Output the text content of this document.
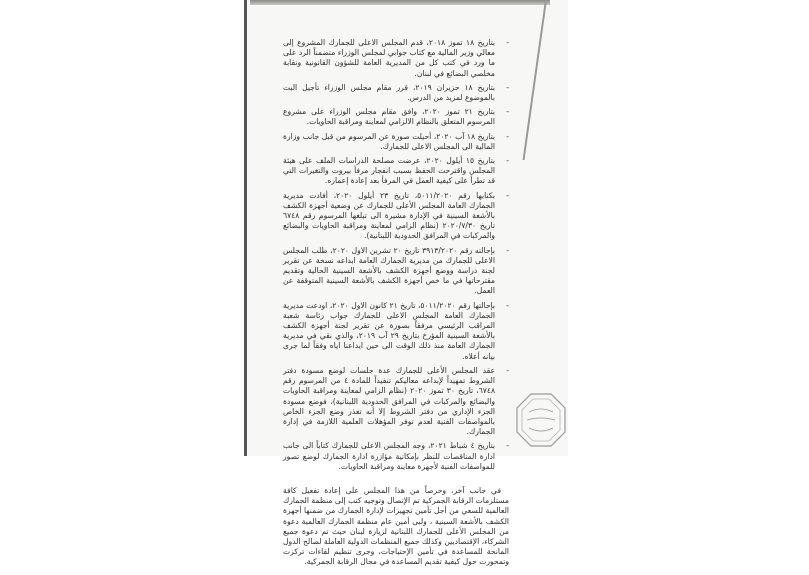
- بتاريخ ١٨ تموز ٢٠١٨، قدم المجلس الاعلى للجمارك المشروع إلى معالي وزير المالية مع كتاب جوابي لمجلس الوزراء متضمناً الرد على ما ورد في كتب كل من المديرية العامة للشؤون القانونية ونقابة مخلصي البضائع في لبنان.
- بتاريخ ١٨ حزيران ٢٠١٩، قرر مقام مجلس الوزراء تأجيل البت بالموضوع لمزيد من الدرس.
- بتاريخ ٢١ تموز ٢٠٢٠، وافق مقام مجلس الوزراء على مشروع المرسوم المتعلق بالنظام الالزامي لمعاينة ومراقبة الحاويات.
- بتاريخ ١٨ آب ٢٠٢٠، أحيلت صورة عن المرسوم من قبل جانب وزارة المالية الى المجلس الاعلى للجمارك.
- بتاريخ ١٥ أيلول ٢٠٢٠، عرضت مصلحة الدراسات الملف على هيئة المجلس واقترحت الحفظ بسبب انفجار مرفأ بيروت والتغيرات التي قد تطرأ على كيفية العمل في المرفأ بعد إعادة إعماره.
- بكتابها رقم ٥٠١١/٢٠٢٠، تاريخ ٢٣ أيلول ٢٠٢٠، أفادت مديرية الجمارك العامة المجلس الأعلى للجمارك عن وضعية أجهزة الكشف بالأشعة السينية في الإدارة مشيرة الى تبلغها المرسوم رقم ٦٧٤٨ تاريخ ٢٠٢٠/٧/٣٠ (نظام الزامي لمعاينة ومراقبة الحاويات والبضائع والمركبات في المرافق الحدودية اللبنانية).
- بإحالته رقم ٣٩١٣/٢٠٢٠ تاريخ ٢٠ تشرين الاول ٢٠٢٠، طلب المجلس الاعلى للجمارك من مديرية الجمارك العامة ابداعه نسخة عن تقرير لجنة دراسة ووضع أجهزة الكشف بالأشعة السينية الحالية وتقديم مقترحاتها في ما خص أجهزة الكشف بالأشعة السينية المتوقفة عن العمل.
- بإحالتها رقم ٥٠١١/٢٠٢٠، تاريخ ٢١ كانون الاول ٢٠٢٠، اودعت مديرية الجمارك العامة المجلس الاعلى للجمارك جواب رئاسة شعبة المراقب الرئيسي مرفقاً بصورة عن تقرير لجنة أجهزة الكشف بالأشعة السينية المؤرخ بتاريخ ٢٩ آب ٢٠١٩، والذي بقي في مديرية الجمارك العامة منذ ذلك الوقت الى حين ايداعنا اياه وفقاً لما جرى بيانه أعلاه.
- عقد المجلس الأعلى للجمارك عدة جلسات لوضع مسودة دفتر الشروط تمهيداً لإبداعه معاليكم تنفيذاً للمادة ٤ من المرسوم رقم ٦٧٤٨، تاريخ ٣٠ تموز ٢٠٢٠ (نظام الزامي لمعاينة ومراقبة الحاويات والبضائع والمركبات في المرافق الحدودية اللبنانية)، فوضع مسودة الجزء الإداري من دفتر الشروط إلا أنه تعذر وضع الجزء الخاص بالمواصفات الفنية لعدم توفر المؤهلات العلمية اللازمة في إدارة الجمارك.
- بتاريخ ٤ شباط ٢٠٢١، وجه المجلس الاعلى للجمارك كتاباً الى جانب ادارة المناقصات للنظر بإمكانية مؤازرة ادارة الجمارك لوضع تصور للمواصفات الفنية لأجهزة معاينة ومراقبة الحاويات.

في جانب آخر، وحرصاً من هذا المجلس على إعادة تفعيل كافة مستلزمات الرقابة الجمركية تم الإتصال وتوجيه كتب إلى منظمة الجمارك العالمية للسعي من أجل تأمين تجهيزات لإدارة الجمارك من ضمنها أجهزة الكشف بالأشعة السينية ، ولبى أمين عام منظمة الجمارك العالمية دعوة من المجلس الأعلى للجمارك اللبنانية لزيارة لبنان حيث تم دعوة جميع الشركاء، الإقتصاديين وكذلك جميع المنظمات الدولية العاملة لصالح الدول المانحة للمساعدة في تأمين الإحتياجات، وجرى تنظيم لقاءات تركزت وتمحورت حول كيفية تقديم المساعدة في مجال الرقابة الجمركية.
